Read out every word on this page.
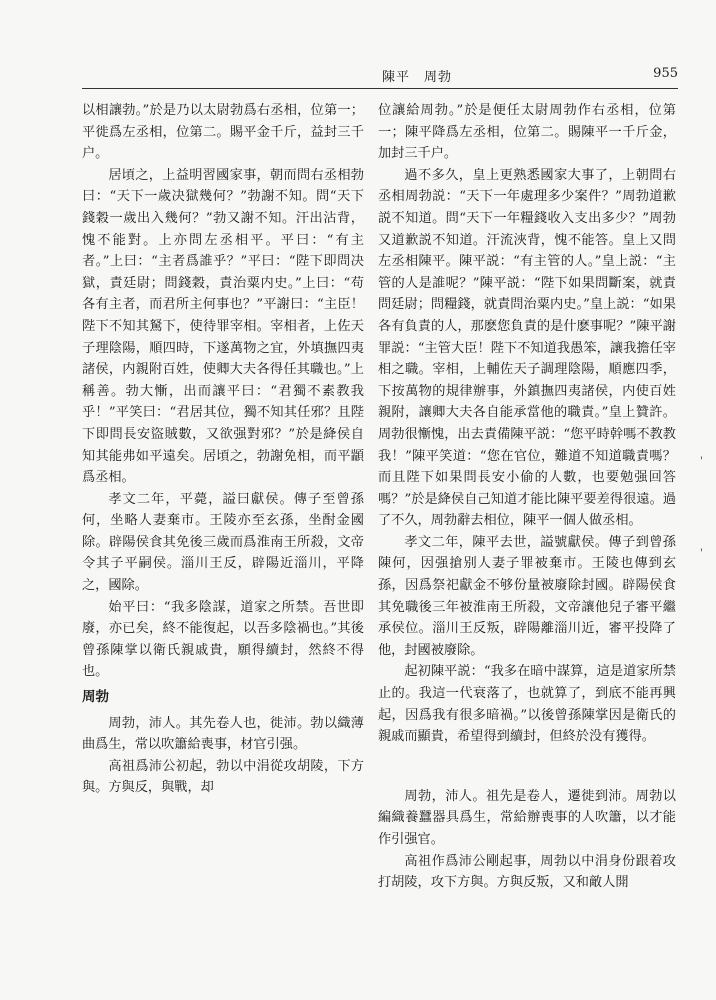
陳平　周勃	955

以相讓勃。”於是乃以太尉勃爲右丞相，位第一；平徙爲左丞相，位第二。賜平金千斤，益封三千户。

居頃之，上益明習國家事，朝而問右丞相勃曰：“天下一歲决獄幾何？”勃謝不知。問“天下錢穀一歲出入幾何？”勃又謝不知。汗出沾背，愧不能對。上亦問左丞相平。平曰：“有主者。”上曰：“主者爲誰乎？”平曰：“陛下即問决獄，責廷尉；問錢穀，責治粟内史。”上曰：“苟各有主者，而君所主何事也？”平謝曰：“主臣！陛下不知其駑下，使待罪宰相。宰相者，上佐天子理陰陽，順四時，下遂萬物之宜，外填撫四夷諸侯，内親附百姓，使卿大夫各得任其職也。”上稱善。勃大慚，出而讓平曰：“君獨不素教我乎！”平笑曰：“君居其位，獨不知其任邪？且陛下即問長安盜賊數，又欲强對邪？”於是絳侯自知其能弗如平遠矣。居頃之，勃謝免相，而平顓爲丞相。

孝文二年，平薨，謚曰獻侯。傳子至曾孫何，坐略人妻棄市。王陵亦至玄孫，坐酎金國除。辟陽侯食其免後三歲而爲淮南王所殺，文帝令其子平嗣侯。淄川王反，辟陽近淄川，平降之，國除。

始平曰：“我多陰謀，道家之所禁。吾世即廢，亦已矣，終不能復起，以吾多陰禍也。”其後曾孫陳掌以衛氏親戚貴，願得續封，然終不得也。

周勃

周勃，沛人。其先卷人也，徙沛。勃以織薄曲爲生，常以吹簫給喪事，材官引强。

高祖爲沛公初起，勃以中涓從攻胡陵，下方與。方與反，與戰，却

位讓給周勃。”於是便任太尉周勃作右丞相，位第一；陳平降爲左丞相，位第二。賜陳平一千斤金，加封三千户。

過不多久，皇上更熟悉國家大事了，上朝問右丞相周勃説：“天下一年處理多少案件？”周勃道歉説不知道。問“天下一年糧錢收入支出多少？”周勃又道歉説不知道。汗流浹背，愧不能答。皇上又問左丞相陳平。陳平説：“有主管的人。”皇上説：“主管的人是誰呢？”陳平説：“陛下如果問斷案，就責問廷尉；問糧錢，就責問治粟内史。”皇上説：“如果各有負責的人，那麽您負責的是什麽事呢？”陳平謝罪説：“主管大臣！陛下不知道我愚笨，讓我擔任宰相之職。宰相，上輔佐天子調理陰陽，順應四季，下按萬物的規律辦事，外鎮撫四夷諸侯，内使百姓親附，讓卿大夫各自能承當他的職責。”皇上贊許。周勃很慚愧，出去責備陳平説：“您平時幹嗎不教教我！”陳平笑道：“您在官位，難道不知道職責嗎？而且陛下如果問長安小偷的人數，也要勉强回答嗎？”於是絳侯自己知道才能比陳平要差得很遠。過了不久，周勃辭去相位，陳平一個人做丞相。

孝文二年，陳平去世，謚號獻侯。傳子到曾孫陳何，因强搶别人妻子罪被棄市。王陵也傳到玄孫，因爲祭祀獻金不够份量被廢除封國。辟陽侯食其免職後三年被淮南王所殺，文帝讓他兒子審平繼承侯位。淄川王反叛，辟陽離淄川近，審平投降了他，封國被廢除。

起初陳平説：“我多在暗中謀算，這是道家所禁止的。我這一代衰落了，也就算了，到底不能再興起，因爲我有很多暗禍。”以後曾孫陳掌因是衛氏的親戚而顯貴，希望得到續封，但終於没有獲得。

周勃，沛人。祖先是卷人，遷徙到沛。周勃以編織養蠶器具爲生，常給辦喪事的人吹簫，以才能作引强官。

高祖作爲沛公剛起事，周勃以中涓身份跟着攻打胡陵，攻下方與。方與反叛，又和敵人開

'
'
